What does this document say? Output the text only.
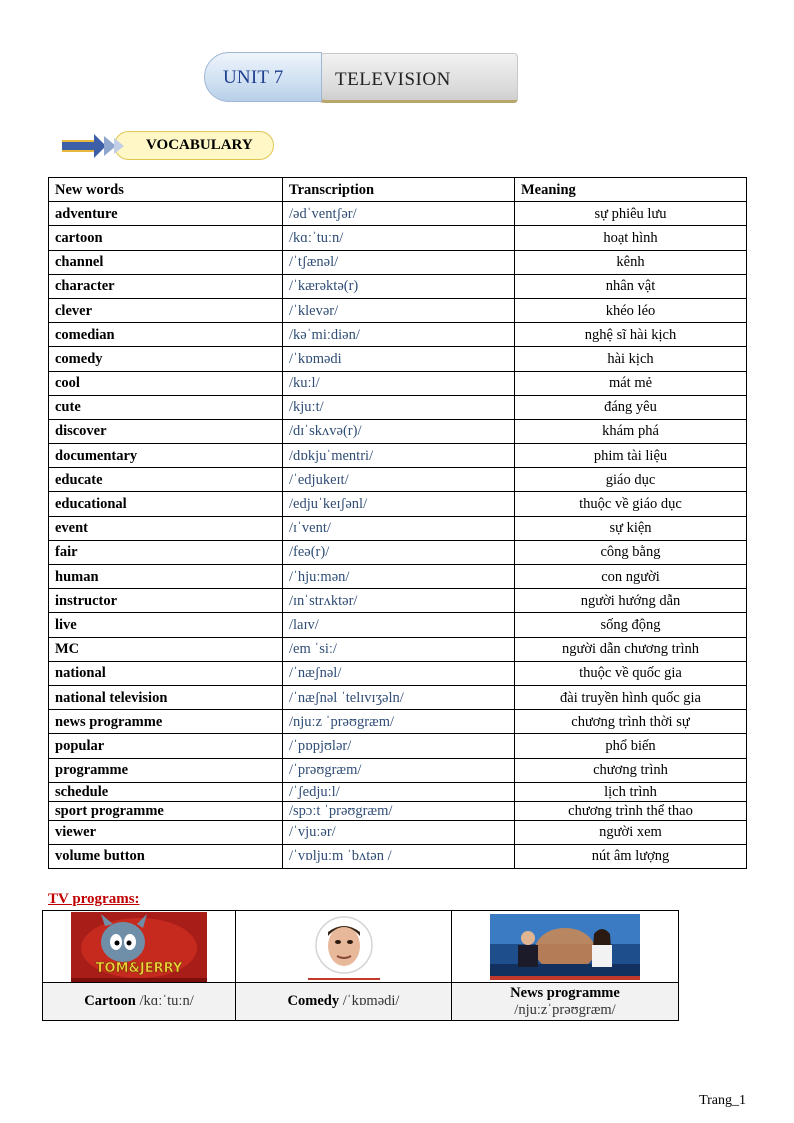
TELEVISION
UNIT 7
VOCABULARY
New words	Transcription	Meaning
adventure	/ədˈventʃər/	sự phiêu lưu
cartoon	/kɑːˈtuːn/	hoạt hình
channel	/ˈtʃænəl/	kênh
character	/ˈkærəktə(r)	nhân vật
clever	/ˈklevər/	khéo léo
comedian	/kəˈmiːdiən/	nghệ sĩ hài kịch
comedy	/ˈkɒmədi	hài kịch
cool	/kuːl/	mát mẻ
cute	/kjuːt/	đáng yêu
discover	/dɪˈskʌvə(r)/	khám phá
documentary	/dɒkjuˈmentri/	phim tài liệu
educate	/ˈedjukeɪt/	giáo dục
educational	/edjuˈkeɪʃənl/	thuộc về giáo dục
event	/ɪˈvent/	sự kiện
fair	/feə(r)/	công bằng
human	/ˈhjuːmən/	con người
instructor	/ɪnˈstrʌktər/	người hướng dẫn
live	/laɪv/	sống động
MC	/em ˈsiː/	người dẫn chương trình
national	/ˈnæʃnəl/	thuộc về quốc gia
national television	/ˈnæʃnəl ˈtelɪvɪʒəln/	đài truyền hình quốc gia
news programme	/njuːz ˈprəʊgræm/	chương trình thời sự
popular	/ˈpɒpjʊlər/	phổ biến
programme	/ˈprəʊgræm/	chương trình
schedule	/ˈʃedjuːl/	lịch trình
sport programme	/spɔːt ˈprəʊgræm/	chương trình thể thao
viewer	/ˈvjuːər/	người xem
volume button	/ˈvɒljuːm ˈbʌtən /	nút âm lượng
TV programs:
TOM&JERRY

Cartoon /kɑːˈtuːn/	Comedy /ˈkɒmədi/	News programme
/njuːzˈprəʊgræm/
Trang_1
